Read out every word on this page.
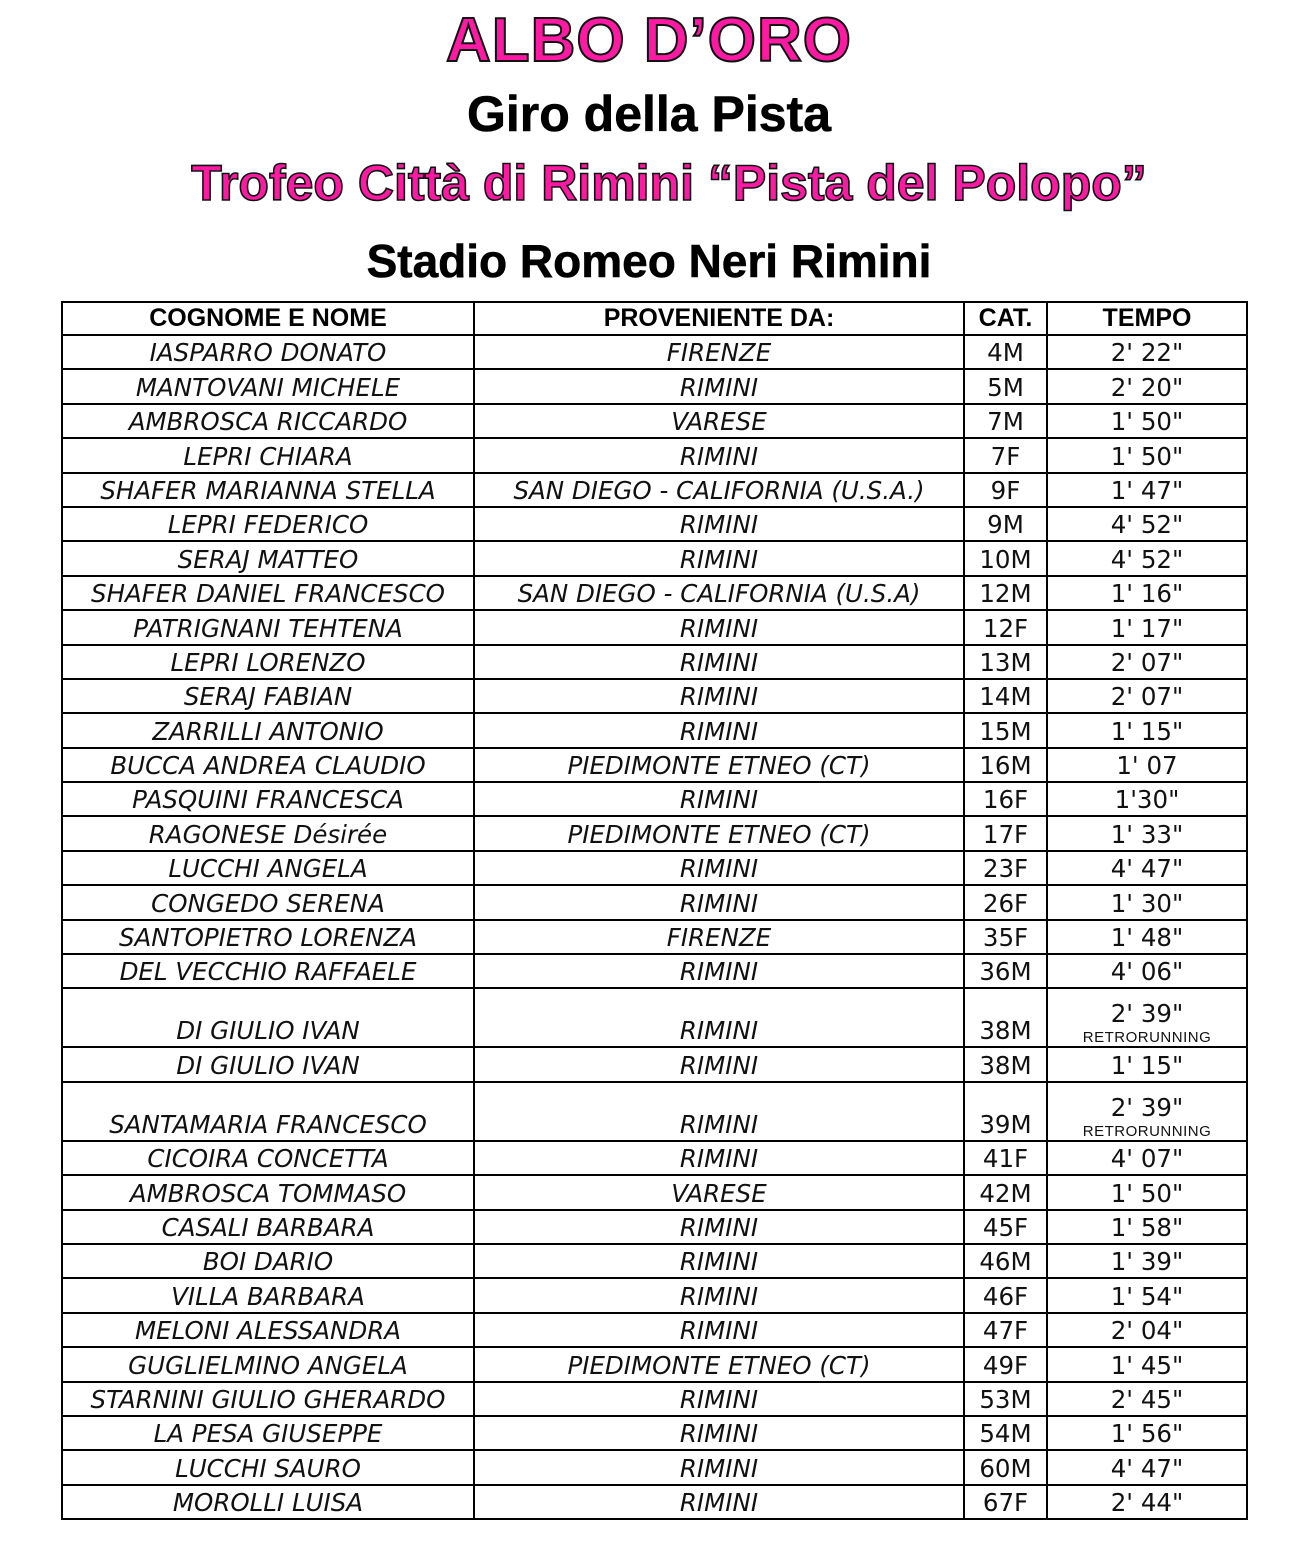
ALBO D’ORO
Giro della Pista
Trofeo Città di Rimini “Pista del Polopo”
Stadio Romeo Neri Rimini
COGNOME E NOME	PROVENIENTE DA:	CAT.	TEMPO
IASPARRO DONATO	FIRENZE	4M	2' 22"

MANTOVANI MICHELE	RIMINI	5M	2' 20"

AMBROSCA RICCARDO	VARESE	7M	1' 50"

LEPRI CHIARA	RIMINI	7F	1' 50"

SHAFER MARIANNA STELLA	SAN DIEGO - CALIFORNIA (U.S.A.)	9F	1' 47"

LEPRI FEDERICO	RIMINI	9M	4' 52"

SERAJ MATTEO	RIMINI	10M	4' 52"

SHAFER DANIEL FRANCESCO	SAN DIEGO - CALIFORNIA (U.S.A)	12M	1' 16"

PATRIGNANI TEHTENA	RIMINI	12F	1' 17"

LEPRI LORENZO	RIMINI	13M	2' 07"

SERAJ FABIAN	RIMINI	14M	2' 07"

ZARRILLI ANTONIO	RIMINI	15M	1' 15"

BUCCA ANDREA CLAUDIO	PIEDIMONTE ETNEO (CT)	16M	1' 07

PASQUINI FRANCESCA	RIMINI	16F	1'30"

RAGONESE Désirée	PIEDIMONTE ETNEO (CT)	17F	1' 33"

LUCCHI ANGELA	RIMINI	23F	4' 47"

CONGEDO SERENA	RIMINI	26F	1' 30"

SANTOPIETRO LORENZA	FIRENZE	35F	1' 48"

DEL VECCHIO RAFFAELE	RIMINI	36M	4' 06"

DI GIULIO IVAN	RIMINI	38M	2' 39"
RETRORUNNING

DI GIULIO IVAN	RIMINI	38M	1' 15"

SANTAMARIA FRANCESCO	RIMINI	39M	2' 39"
RETRORUNNING

CICOIRA CONCETTA	RIMINI	41F	4' 07"

AMBROSCA TOMMASO	VARESE	42M	1' 50"

CASALI BARBARA	RIMINI	45F	1' 58"

BOI DARIO	RIMINI	46M	1' 39"

VILLA BARBARA	RIMINI	46F	1' 54"

MELONI ALESSANDRA	RIMINI	47F	2' 04"

GUGLIELMINO ANGELA	PIEDIMONTE ETNEO (CT)	49F	1' 45"

STARNINI GIULIO GHERARDO	RIMINI	53M	2' 45"

LA PESA GIUSEPPE	RIMINI	54M	1' 56"

LUCCHI SAURO	RIMINI	60M	4' 47"

MOROLLI LUISA	RIMINI	67F	2' 44"
